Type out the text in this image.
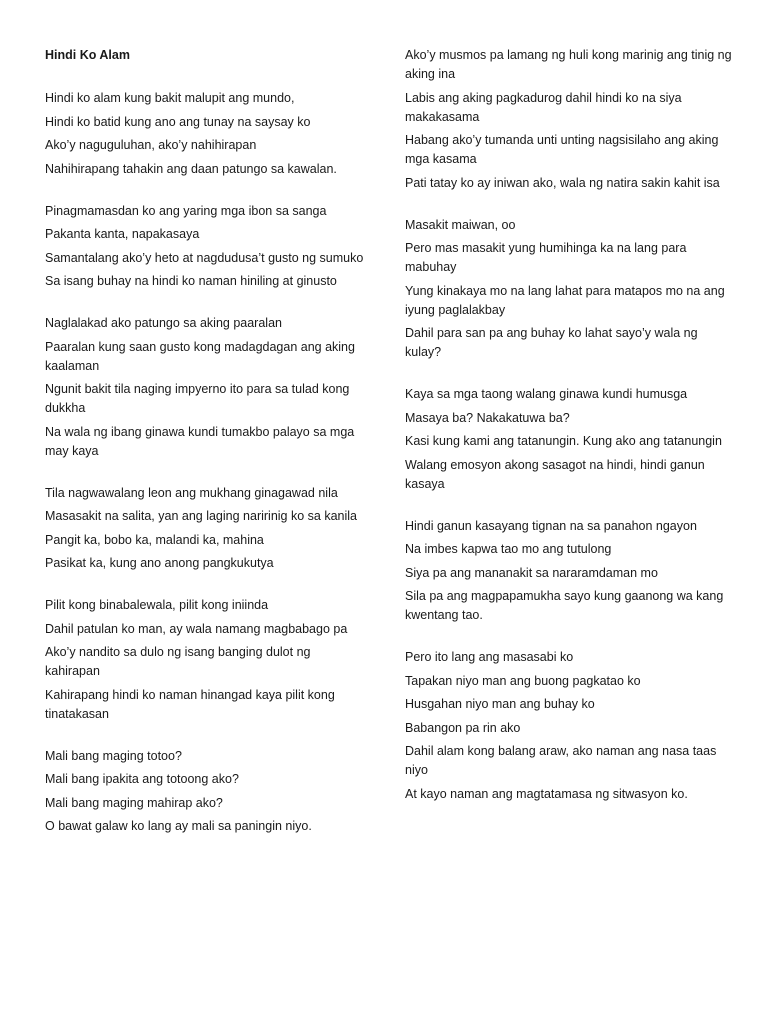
Hindi Ko Alam
Hindi ko alam kung bakit malupit ang mundo,
Hindi ko batid kung ano ang tunay na saysay ko
Ako’y naguguluhan, ako’y nahihirapan
Nahihirapang tahakin ang daan patungo sa kawalan.
Pinagmamasdan ko ang yaring mga ibon sa sanga
Pakanta kanta, napakasaya
Samantalang ako’y heto at nagdudusa’t gusto ng sumuko
Sa isang buhay na hindi ko naman hiniling at ginusto
Naglalakad ako patungo sa aking paaralan
Paaralan kung saan gusto kong madagdagan ang aking kaalaman
Ngunit bakit tila naging impyerno ito para sa tulad kong dukkha
Na wala ng ibang ginawa kundi tumakbo palayo sa mga may kaya
Tila nagwawalang leon ang mukhang ginagawad nila
Masasakit na salita, yan ang laging naririnig ko sa kanila
Pangit ka, bobo ka, malandi ka, mahina
Pasikat ka, kung ano anong pangkukutya
Pilit kong binabalewala, pilit kong iniinda
Dahil patulan ko man, ay wala namang magbabago pa
Ako’y nandito sa dulo ng isang banging dulot ng kahirapan
Kahirapang hindi ko naman hinangad kaya pilit kong tinatakasan
Mali bang maging totoo?
Mali bang ipakita ang totoong ako?
Mali bang maging mahirap ako?
O bawat galaw ko lang ay mali sa paningin niyo.
Ako’y musmos pa lamang ng huli kong marinig ang tinig ng aking ina
Labis ang aking pagkadurog dahil hindi ko na siya makakasama
Habang ako’y tumanda unti unting nagsisilaho ang aking mga kasama
Pati tatay ko ay iniwan ako, wala ng natira sakin kahit isa
Masakit maiwan, oo
Pero mas masakit yung humihinga ka na lang para mabuhay
Yung kinakaya mo na lang lahat para matapos mo na ang iyung paglalakbay
Dahil para san pa ang buhay ko lahat sayo’y wala ng kulay?
Kaya sa mga taong walang ginawa kundi humusga
Masaya ba? Nakakatuwa ba?
Kasi kung kami ang tatanungin. Kung ako ang tatanungin
Walang emosyon akong sasagot na hindi, hindi ganun kasaya
Hindi ganun kasayang tignan na sa panahon ngayon
Na imbes kapwa tao mo ang tutulong
Siya pa ang mananakit sa nararamdaman mo
Sila pa ang magpapamukha sayo kung gaanong wa kang kwentang tao.
Pero ito lang ang masasabi ko
Tapakan niyo man ang buong pagkatao ko
Husgahan niyo man ang buhay ko
Babangon pa rin ako
Dahil alam kong balang araw, ako naman ang nasa taas niyo
At kayo naman ang magtatamasa ng sitwasyon ko.
